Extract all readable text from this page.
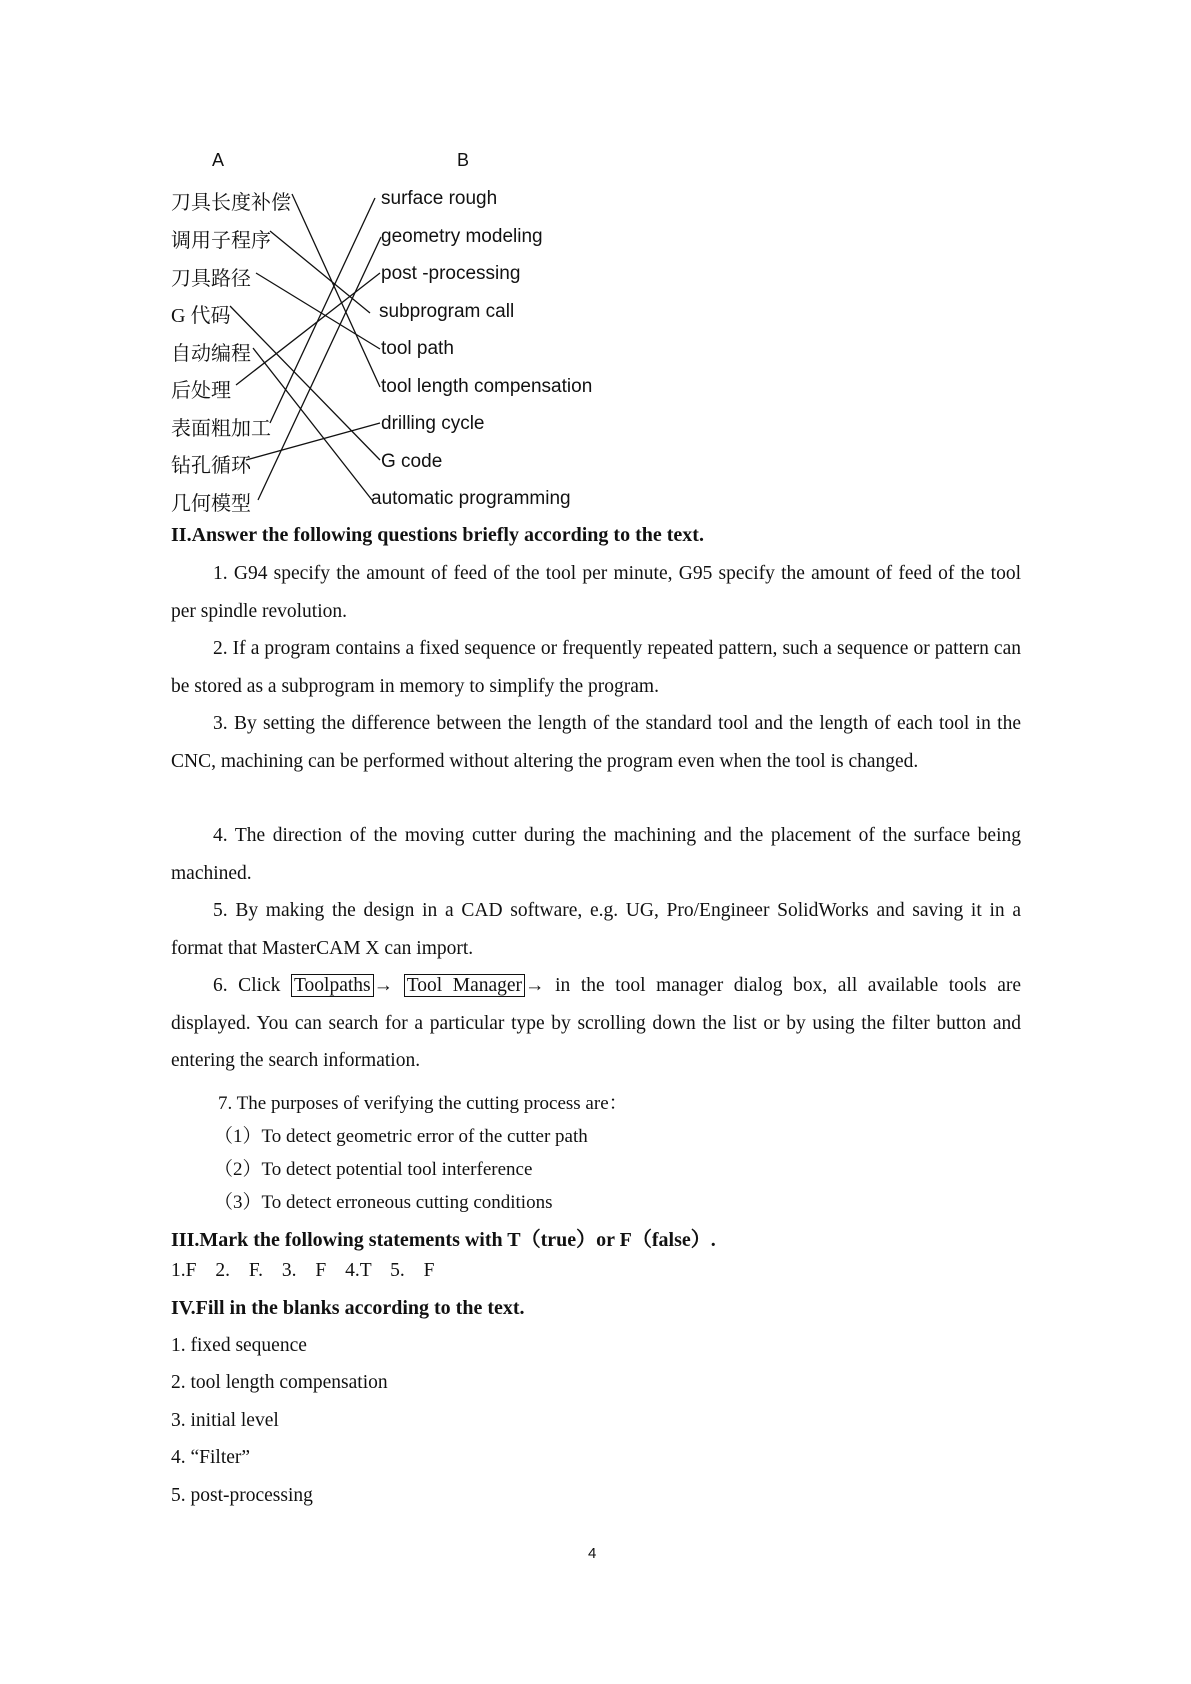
A	B
刀具长度补偿
调用子程序
刀具路径
G 代码
自动编程
后处理
表面粗加工
钻孔循环
几何模型
surface rough
geometry modeling
post -processing
subprogram call
tool path
tool length compensation
drilling cycle
G code
automatic programming
II.Answer the following questions briefly according to the text.
1. G94 specify the amount of feed of the tool per minute, G95 specify the amount of feed of the tool per spindle revolution.
2. If a program contains a fixed sequence or frequently repeated pattern, such a sequence or pattern can be stored as a subprogram in memory to simplify the program.
3. By setting the difference between the length of the standard tool and the length of each tool in the CNC, machining can be performed without altering the program even when the tool is changed.
4. The direction of the moving cutter during the machining and the placement of the surface being machined.
5. By making the design in a CAD software, e.g. UG, Pro/Engineer SolidWorks and saving it in a format that MasterCAM X can import.
6. Click Toolpaths → Tool Manager → in the tool manager dialog box, all available tools are displayed. You can search for a particular type by scrolling down the list or by using the filter button and entering the search information.
7. The purposes of verifying the cutting process are：
（1）To detect geometric error of the cutter path
（2）To detect potential tool interference
（3）To detect erroneous cutting conditions
III.Mark the following statements with T（true）or F（false）.
1.F 2. F. 3. F 4.T 5. F
IV.Fill in the blanks according to the text.
1. fixed sequence
2. tool length compensation
3. initial level
4. “Filter”
5. post-processing
4
